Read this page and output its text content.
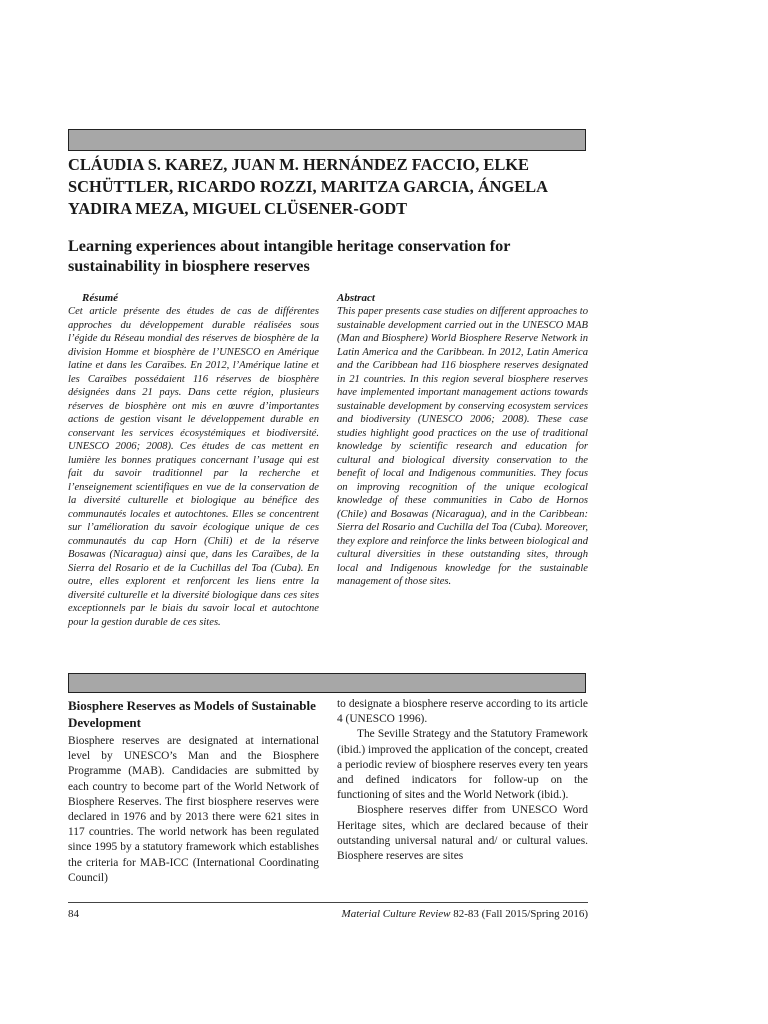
CLÁUDIA S. KAREZ, JUAN M. HERNÁNDEZ FACCIO, ELKE SCHÜTTLER, RICARDO ROZZI, MARITZA GARCIA, ÁNGELA YADIRA MEZA, MIGUEL CLÜSENER-GODT
Learning experiences about intangible heritage conservation for sustainability in biosphere reserves
Résumé

Cet article présente des études de cas de différentes approches du développement durable réalisées sous l’égide du Réseau mondial des réserves de biosphère de la division Homme et biosphère de l’UNESCO en Amérique latine et dans les Caraïbes. En 2012, l’Amérique latine et les Caraïbes possédaient 116 réserves de biosphère désignées dans 21 pays. Dans cette région, plusieurs réserves de biosphère ont mis en œuvre d’importantes actions de gestion visant le développement durable en conservant les services écosystémiques et biodiversité. UNESCO 2006; 2008). Ces études de cas mettent en lumière les bonnes pratiques concernant l’usage qui est fait du savoir traditionnel par la recherche et l’enseignement scientifiques en vue de la conservation de la diversité culturelle et biologique au bénéfice des communautés locales et autochtones. Elles se concentrent sur l’amélioration du savoir écologique unique de ces communautés du cap Horn (Chili) et de la réserve Bosawas (Nicaragua) ainsi que, dans les Caraïbes, de la Sierra del Rosario et de la Cuchillas del Toa (Cuba). En outre, elles explorent et renforcent les liens entre la diversité culturelle et la diversité biologique dans ces sites exceptionnels par le biais du savoir local et autochtone pour la gestion durable de ces sites.

Abstract

This paper presents case studies on different approaches to sustainable development carried out in the UNESCO MAB (Man and Biosphere) World Biosphere Reserve Network in Latin America and the Caribbean. In 2012, Latin America and the Caribbean had 116 biosphere reserves designated in 21 countries. In this region several biosphere reserves have implemented important management actions towards sustainable development by conserving ecosystem services and biodiversity (UNESCO 2006; 2008). These case studies highlight good practices on the use of traditional knowledge by scientific research and education for cultural and biological diversity conservation to the benefit of local and Indigenous communities. They focus on improving recognition of the unique ecological knowledge of these communities in Cabo de Hornos (Chile) and Bosawas (Nicaragua), and in the Caribbean: Sierra del Rosario and Cuchilla del Toa (Cuba). Moreover, they explore and reinforce the links between biological and cultural diversities in these outstanding sites, through local and Indigenous knowledge for the sustainable management of those sites.

Biosphere Reserves as Models of Sustainable Development

Biosphere reserves are designated at international level by UNESCO’s Man and the Biosphere Programme (MAB). Candidacies are submitted by each country to become part of the World Network of Biosphere Reserves. The first biosphere reserves were declared in 1976 and by 2013 there were 621 sites in 117 countries. The world network has been regulated since 1995 by a statutory framework which establishes the criteria for MAB-ICC (International Coordinating Council)

to designate a biosphere reserve according to its article 4 (UNESCO 1996).

The Seville Strategy and the Statutory Framework (ibid.) improved the application of the concept, created a periodic review of biosphere reserves every ten years and defined indicators for follow-up on the functioning of sites and the World Network (ibid.).

Biosphere reserves differ from UNESCO Word Heritage sites, which are declared because of their outstanding universal natural and/ or cultural values. Biosphere reserves are sites

84	Material Culture Review 82-83 (Fall 2015/Spring 2016)
